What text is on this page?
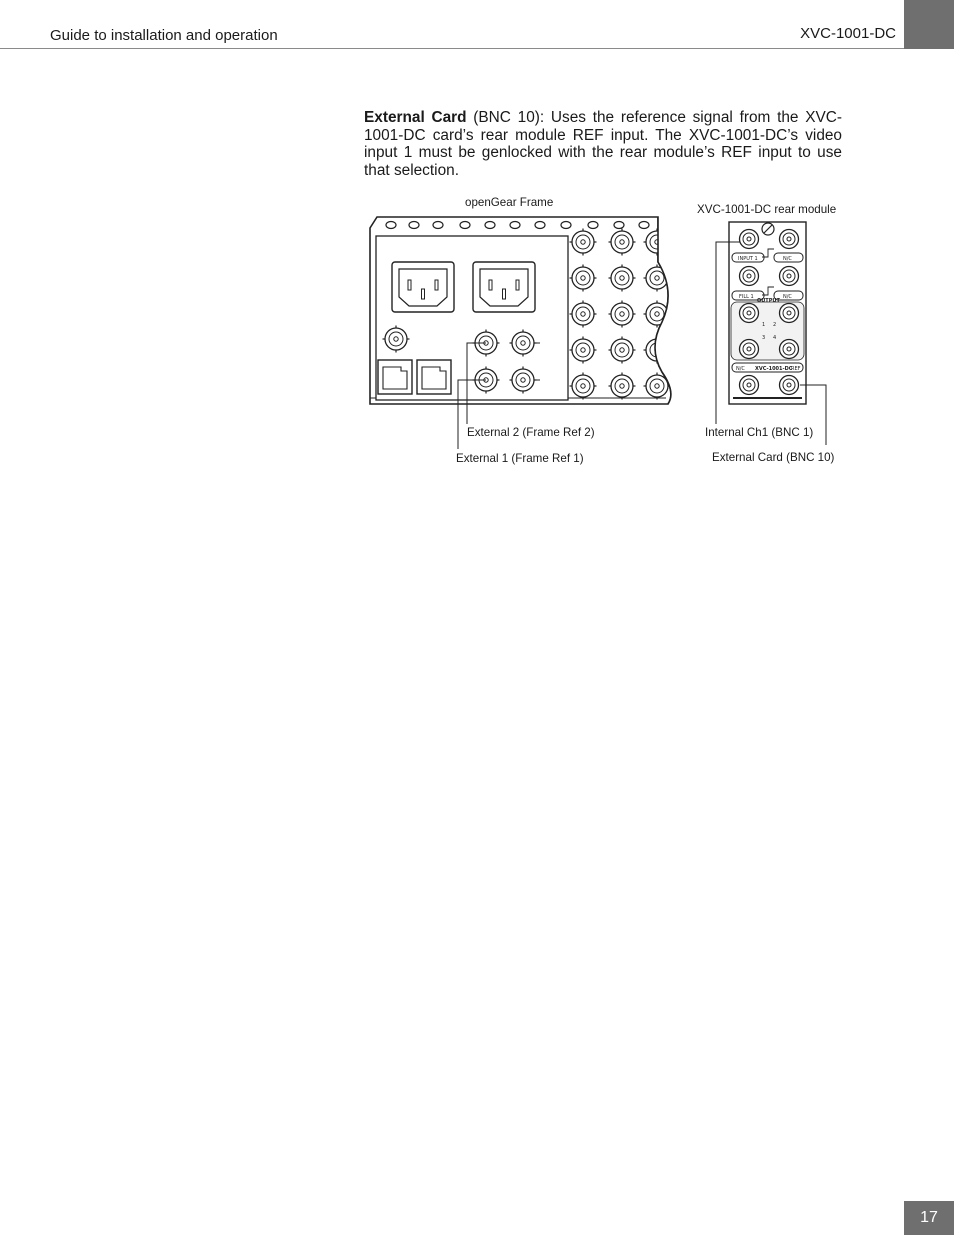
Guide to installation and operation	XVC-1001-DC

External Card (BNC 10): Uses the reference signal from the XVC-1001-DC card’s rear module REF input. The XVC-1001-DC’s video input 1 must be genlocked with the rear module’s REF input to use that selection.

openGear Frame
XVC-1001-DC rear module
External 2 (Frame Ref 2)
External 1 (Frame Ref 1)
Internal Ch1 (BNC 1)
External Card (BNC 10)
INPUT 1	N/C
FILL 1	N/C
OUTPUT
1 2
3 4
N/C XVC-1001-DC
REF
17
